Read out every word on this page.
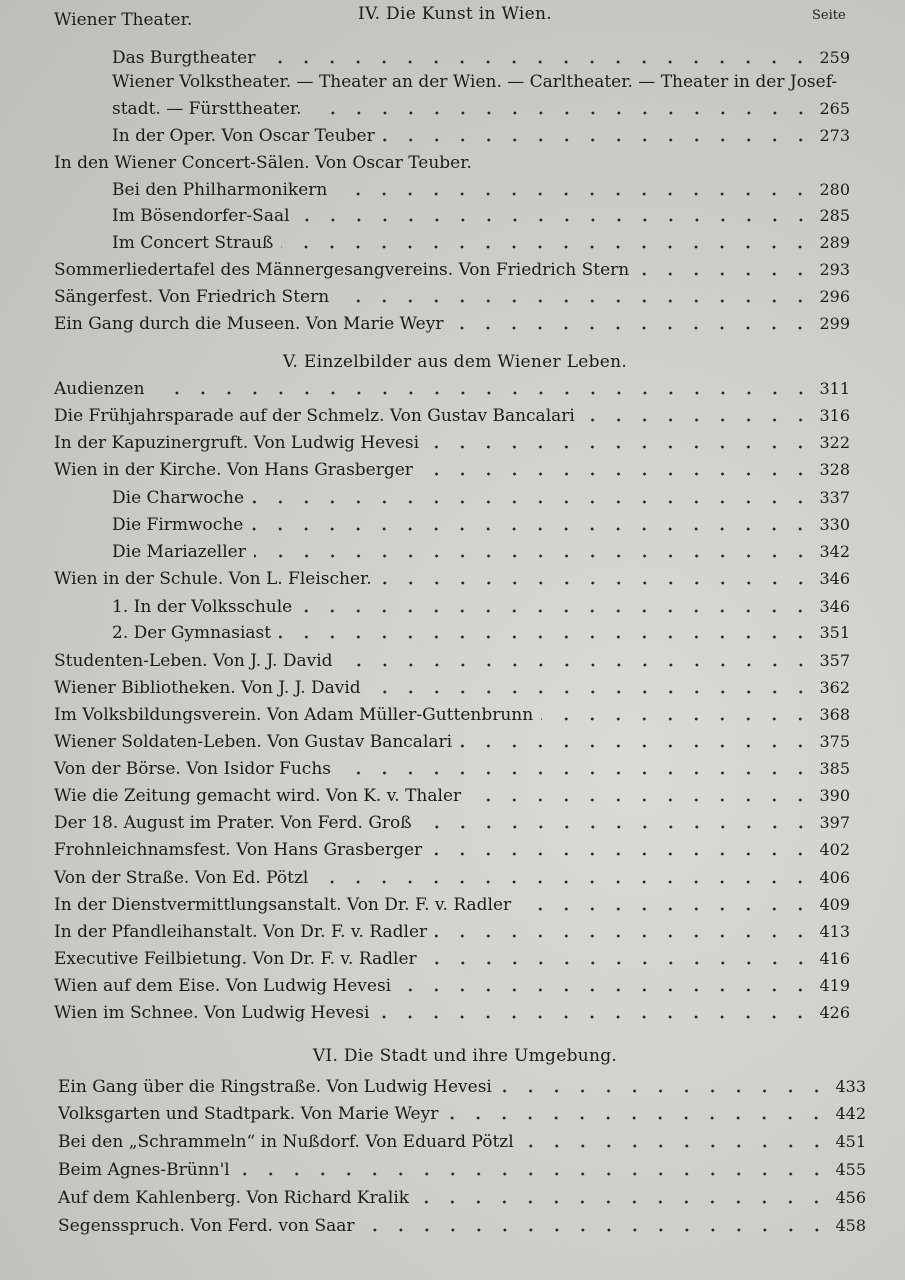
Seite
IV. Die Kunst in Wien.
Wiener Theater.
Das Burgtheater	259
Wiener Volkstheater. — Theater an der Wien. — Carltheater. — Theater in der Josef-
stadt. — Fürsttheater.	265
In der Oper. Von Oscar Teuber	273
In den Wiener Concert-Sälen. Von Oscar Teuber.
Bei den Philharmonikern	280
Im Bösendorfer-Saal	285
Im Concert Strauß	289
Sommerliedertafel des Männergesangvereins. Von Friedrich Stern	293
Sängerfest. Von Friedrich Stern	296
Ein Gang durch die Museen. Von Marie Weyr	299
V. Einzelbilder aus dem Wiener Leben.
Audienzen	311
Die Frühjahrsparade auf der Schmelz. Von Gustav Bancalari	316
In der Kapuzinergruft. Von Ludwig Hevesi	322
Wien in der Kirche. Von Hans Grasberger	328
Die Charwoche	337
Die Firmwoche	330
Die Mariazeller	342
Wien in der Schule. Von L. Fleischer.	346
1. In der Volksschule	346
2. Der Gymnasiast	351
Studenten-Leben. Von J. J. David	357
Wiener Bibliotheken. Von J. J. David	362
Im Volksbildungsverein. Von Adam Müller-Guttenbrunn	368
Wiener Soldaten-Leben. Von Gustav Bancalari	375
Von der Börse. Von Isidor Fuchs	385
Wie die Zeitung gemacht wird. Von K. v. Thaler	390
Der 18. August im Prater. Von Ferd. Groß	397
Frohnleichnamsfest. Von Hans Grasberger	402
Von der Straße. Von Ed. Pötzl	406
In der Dienstvermittlungsanstalt. Von Dr. F. v. Radler	409
In der Pfandleihanstalt. Von Dr. F. v. Radler	413
Executive Feilbietung. Von Dr. F. v. Radler	416
Wien auf dem Eise. Von Ludwig Hevesi	419
Wien im Schnee. Von Ludwig Hevesi	426
VI. Die Stadt und ihre Umgebung.
Ein Gang über die Ringstraße. Von Ludwig Hevesi	433
Volksgarten und Stadtpark. Von Marie Weyr	442
Bei den „Schrammeln“ in Nußdorf. Von Eduard Pötzl	451
Beim Agnes-Brünn'l	455
Auf dem Kahlenberg. Von Richard Kralik	456
Segensspruch. Von Ferd. von Saar	458
